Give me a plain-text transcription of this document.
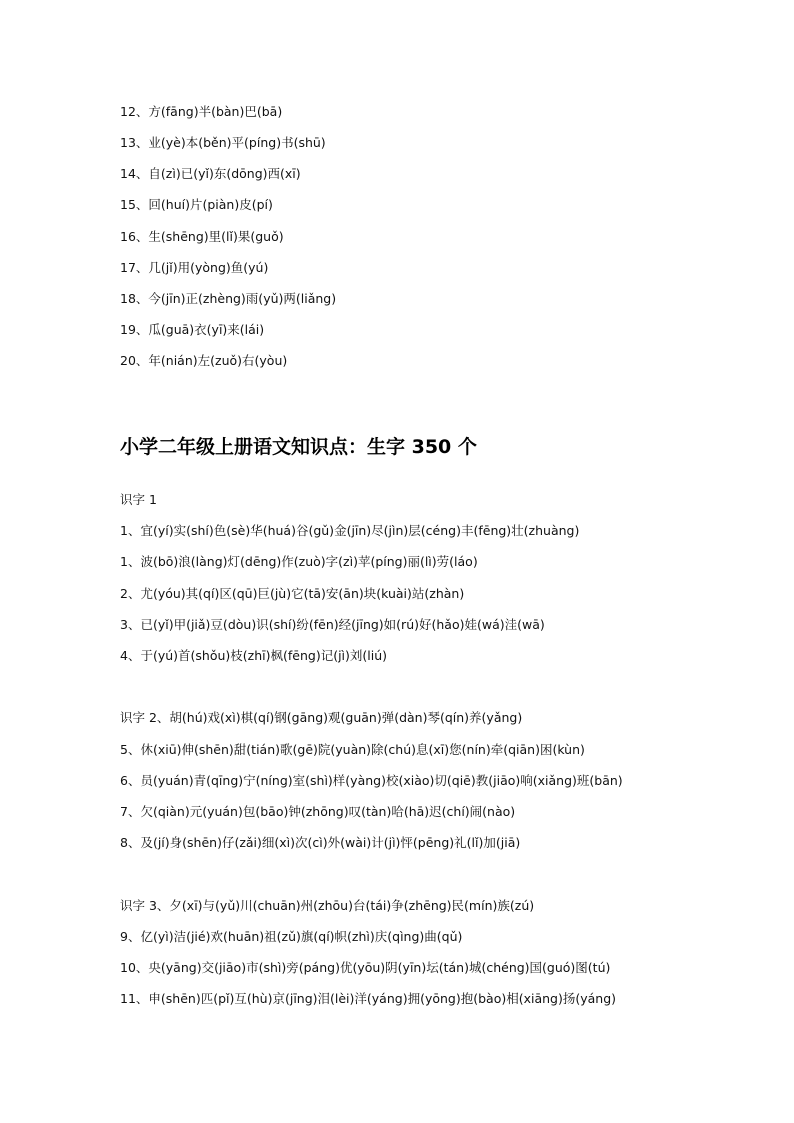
12、方(fāng)半(bàn)巴(bā)
13、业(yè)本(běn)平(píng)书(shū)
14、自(zì)已(yǐ)东(dōng)西(xī)
15、回(huí)片(piàn)皮(pí)
16、生(shēng)里(lǐ)果(guǒ)
17、几(jǐ)用(yòng)鱼(yú)
18、今(jīn)正(zhèng)雨(yǔ)两(liǎng)
19、瓜(guā)衣(yī)来(lái)
20、年(nián)左(zuǒ)右(yòu)
小学二年级上册语文知识点：生字 350 个
识字 1
1、宜(yí)实(shí)色(sè)华(huá)谷(gǔ)金(jīn)尽(jìn)层(céng)丰(fēng)壮(zhuàng)
1、波(bō)浪(làng)灯(dēng)作(zuò)字(zì)苹(píng)丽(lì)劳(láo)
2、尤(yóu)其(qí)区(qū)巨(jù)它(tā)安(ān)块(kuài)站(zhàn)
3、已(yǐ)甲(jiǎ)豆(dòu)识(shí)纷(fēn)经(jīng)如(rú)好(hǎo)娃(wá)洼(wā)
4、于(yú)首(shǒu)枝(zhī)枫(fēng)记(jì)刘(liú)
识字 2、胡(hú)戏(xì)棋(qí)钢(gāng)观(guān)弹(dàn)琴(qín)养(yǎng)
5、休(xiū)伸(shēn)甜(tián)歌(gē)院(yuàn)除(chú)息(xī)您(nín)牵(qiān)困(kùn)
6、员(yuán)青(qīng)宁(níng)室(shì)样(yàng)校(xiào)切(qiē)教(jiāo)响(xiǎng)班(bān)
7、欠(qiàn)元(yuán)包(bāo)钟(zhōng)叹(tàn)哈(hā)迟(chí)闹(nào)
8、及(jí)身(shēn)仔(zǎi)细(xì)次(cì)外(wài)计(jì)怦(pēng)礼(lǐ)加(jiā)
识字 3、夕(xī)与(yǔ)川(chuān)州(zhōu)台(tái)争(zhēng)民(mín)族(zú)
9、亿(yì)洁(jié)欢(huān)祖(zǔ)旗(qí)帜(zhì)庆(qìng)曲(qǔ)
10、央(yāng)交(jiāo)市(shì)旁(páng)优(yōu)阴(yīn)坛(tán)城(chéng)国(guó)图(tú)
11、申(shēn)匹(pǐ)互(hù)京(jīng)泪(lèi)洋(yáng)拥(yōng)抱(bào)相(xiāng)扬(yáng)
